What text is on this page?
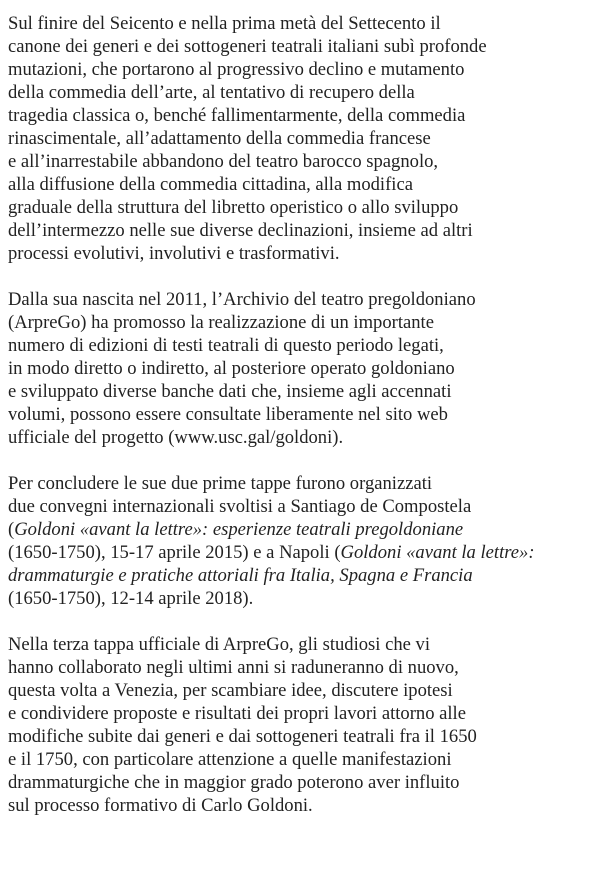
Sul finire del Seicento e nella prima metà del Settecento il
canone dei generi e dei sottogeneri teatrali italiani subì profonde
mutazioni, che portarono al progressivo declino e mutamento
della commedia dell’arte, al tentativo di recupero della
tragedia classica o, benché fallimentarmente, della commedia
rinascimentale, all’adattamento della commedia francese
e all’inarrestabile abbandono del teatro barocco spagnolo,
alla diffusione della commedia cittadina, alla modifica
graduale della struttura del libretto operistico o allo sviluppo
dell’intermezzo nelle sue diverse declinazioni, insieme ad altri
processi evolutivi, involutivi e trasformativi.

Dalla sua nascita nel 2011, l’Archivio del teatro pregoldoniano
(ArpreGo) ha promosso la realizzazione di un importante
numero di edizioni di testi teatrali di questo periodo legati,
in modo diretto o indiretto, al posteriore operato goldoniano
e sviluppato diverse banche dati che, insieme agli accennati
volumi, possono essere consultate liberamente nel sito web
ufficiale del progetto (www.usc.gal/goldoni).

Per concludere le sue due prime tappe furono organizzati
due convegni internazionali svoltisi a Santiago de Compostela
(Goldoni «avant la lettre»: esperienze teatrali pregoldoniane
(1650-1750), 15-17 aprile 2015) e a Napoli (Goldoni «avant la lettre»:
drammaturgie e pratiche attoriali fra Italia, Spagna e Francia
(1650-1750), 12-14 aprile 2018).

Nella terza tappa ufficiale di ArpreGo, gli studiosi che vi
hanno collaborato negli ultimi anni si raduneranno di nuovo,
questa volta a Venezia, per scambiare idee, discutere ipotesi
e condividere proposte e risultati dei propri lavori attorno alle
modifiche subite dai generi e dai sottogeneri teatrali fra il 1650
e il 1750, con particolare attenzione a quelle manifestazioni
drammaturgiche che in maggior grado poterono aver influito
sul processo formativo di Carlo Goldoni.
